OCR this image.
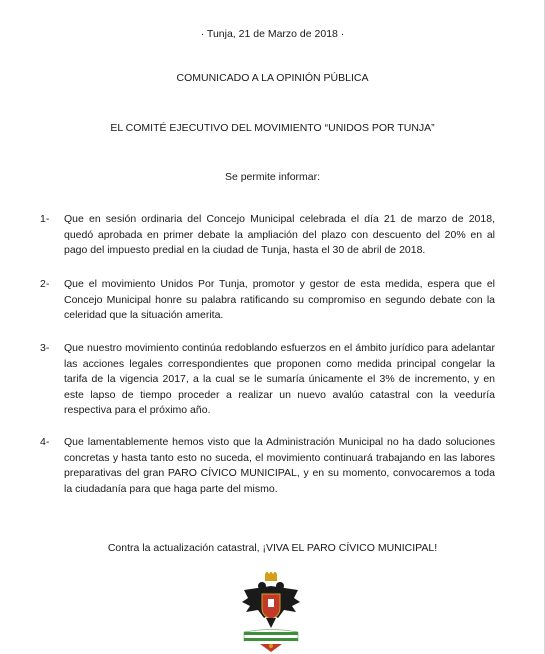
· Tunja, 21 de Marzo de 2018 ·
COMUNICADO A LA OPINIÓN PÚBLICA
EL COMITÉ EJECUTIVO DEL MOVIMIENTO “UNIDOS POR TUNJA”
Se permite informar:
1- Que en sesión ordinaria del Concejo Municipal celebrada el día 21 de marzo de 2018, quedó aprobada en primer debate la ampliación del plazo con descuento del 20% en al pago del impuesto predial en la ciudad de Tunja, hasta el 30 de abril de 2018.
2- Que el movimiento Unidos Por Tunja, promotor y gestor de esta medida, espera que el Concejo Municipal honre su palabra ratificando su compromiso en segundo debate con la celeridad que la situación amerita.
3- Que nuestro movimiento continúa redoblando esfuerzos en el ámbito jurídico para adelantar las acciones legales correspondientes que proponen como medida principal congelar la tarifa de la vigencia 2017, a la cual se le sumaría únicamente el 3% de incremento, y en este lapso de tiempo proceder a realizar un nuevo avalúo catastral con la veeduría respectiva para el próximo año.
4- Que lamentablemente hemos visto que la Administración Municipal no ha dado soluciones concretas y hasta tanto esto no suceda, el movimiento continuará trabajando en las labores preparativas del gran PARO CÍVICO MUNICIPAL, y en su momento, convocaremos a toda la ciudadanía para que haga parte del mismo.
Contra la actualización catastral, ¡VIVA EL PARO CÍVICO MUNICIPAL!
